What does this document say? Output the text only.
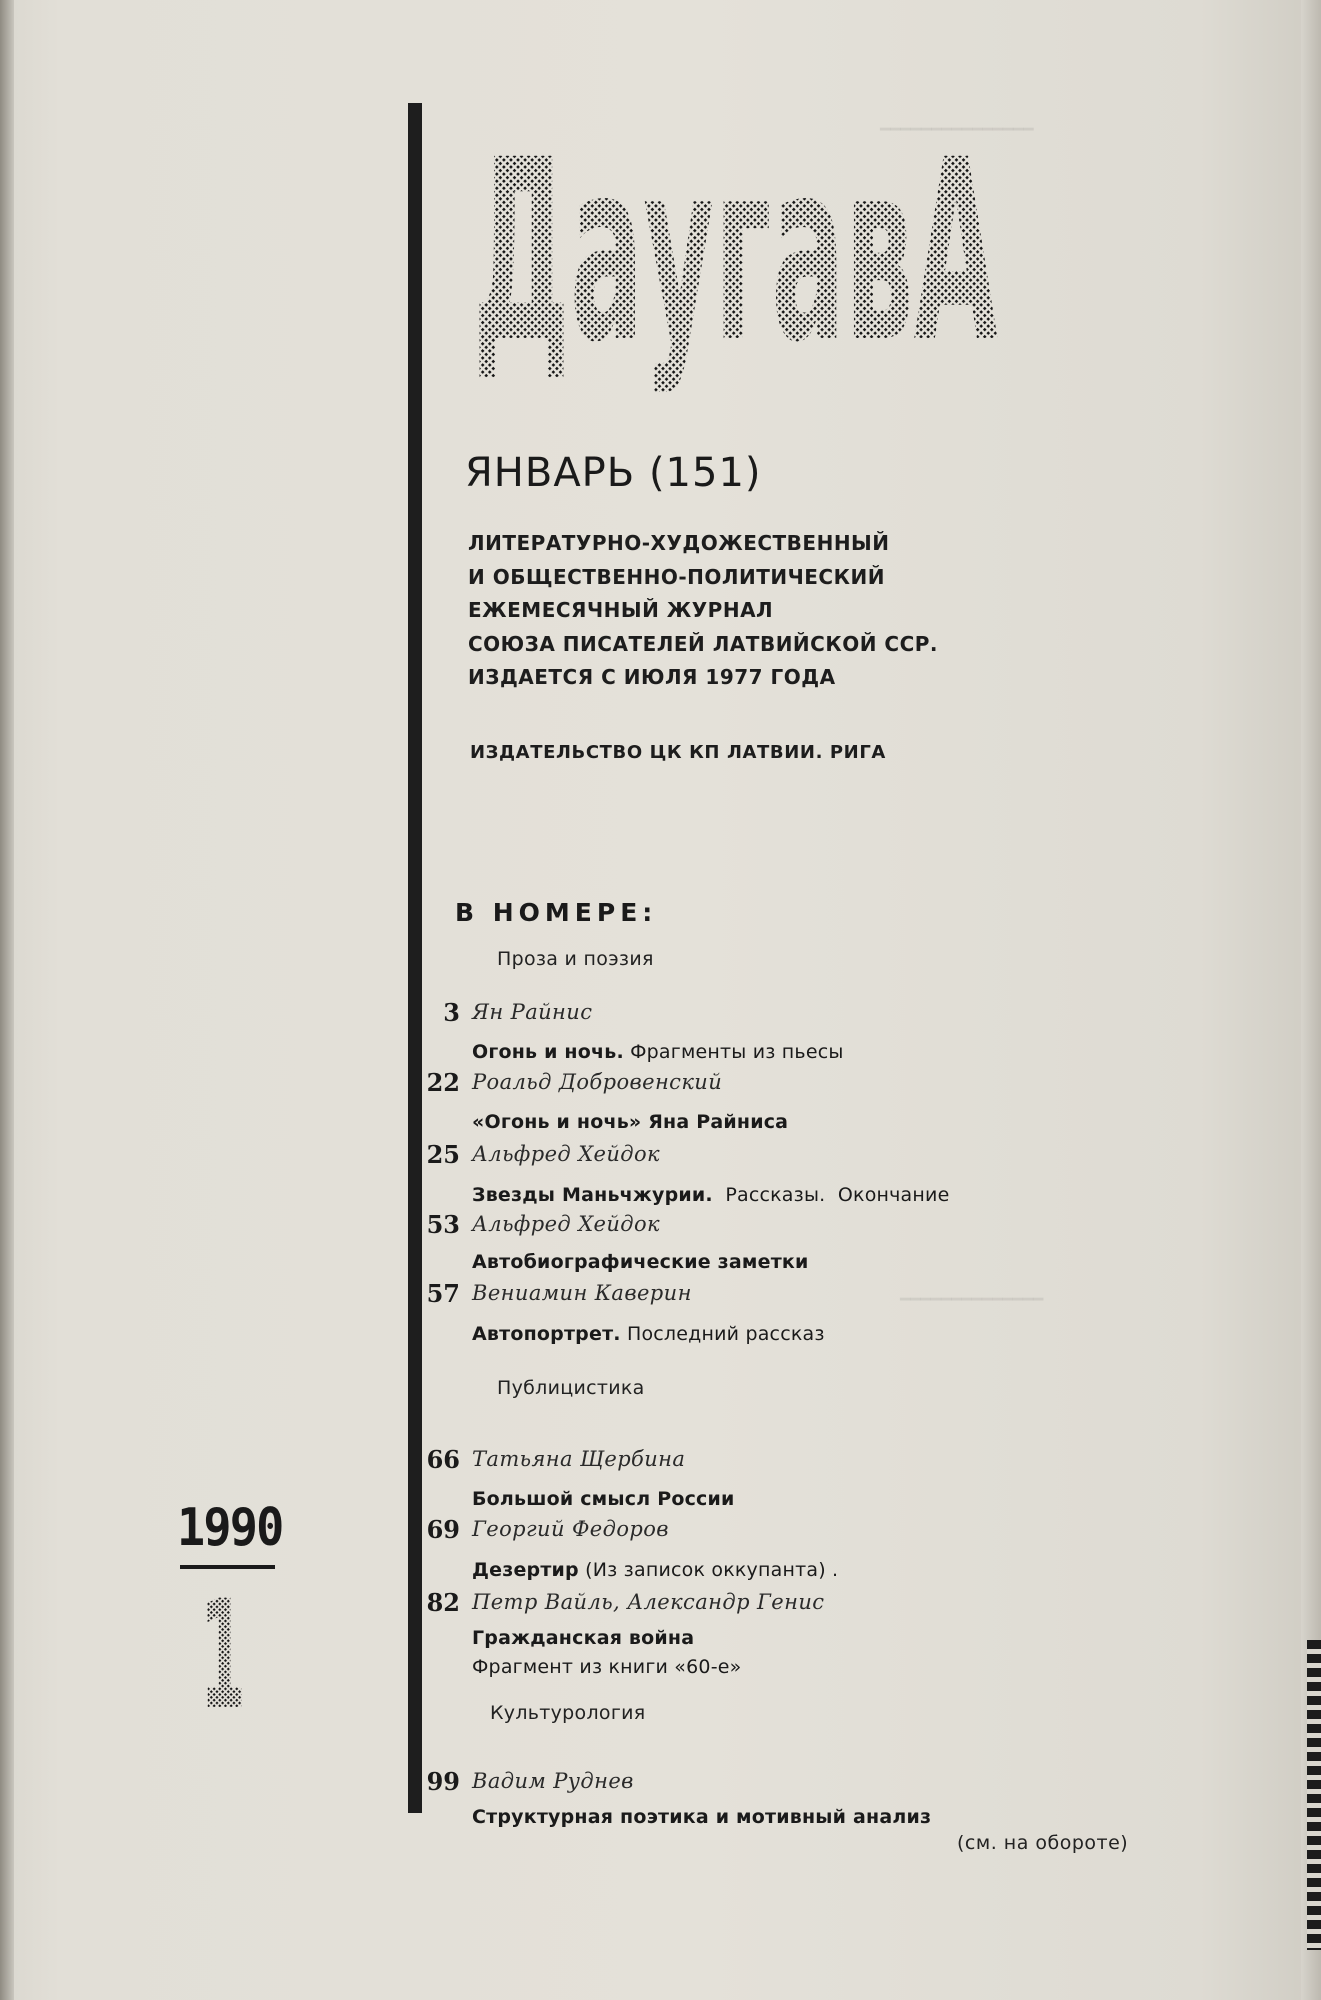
━━━━━━━━━━━━━━━
━━━━━━━━━━━━━━
ДаугавА
ЯНВАРЬ (151)
ЛИТЕРАТУРНО-ХУДОЖЕСТВЕННЫЙ
И ОБЩЕСТВЕННО-ПОЛИТИЧЕСКИЙ
ЕЖЕМЕСЯЧНЫЙ ЖУРНАЛ
СОЮЗА ПИСАТЕЛЕЙ ЛАТВИЙСКОЙ ССР.
ИЗДАЕТСЯ С ИЮЛЯ 1977 ГОДА
ИЗДАТЕЛЬСТВО ЦК КП ЛАТВИИ. РИГА
В НОМЕРЕ:
Проза и поэзия
3 Ян Райнис
Огонь и ночь. Фрагменты из пьесы
22 Роальд Добровенский
«Огонь и ночь» Яна Райниса
25 Альфред Хейдок
Звезды Маньчжурии.  Рассказы.  Окончание
53 Альфред Хейдок
Автобиографические заметки
57 Вениамин Каверин
Автопортрет. Последний рассказ
Публицистика
66 Татьяна Щербина
Большой смысл России
69 Георгий Федоров
Дезертир (Из записок оккупанта) .
82 Петр Вайль, Александр Генис
Гражданская война
Фрагмент из книги «60-е»
Культурология
99 Вадим Руднев
Структурная поэтика и мотивный анализ
(см. на обороте)
1990
1
